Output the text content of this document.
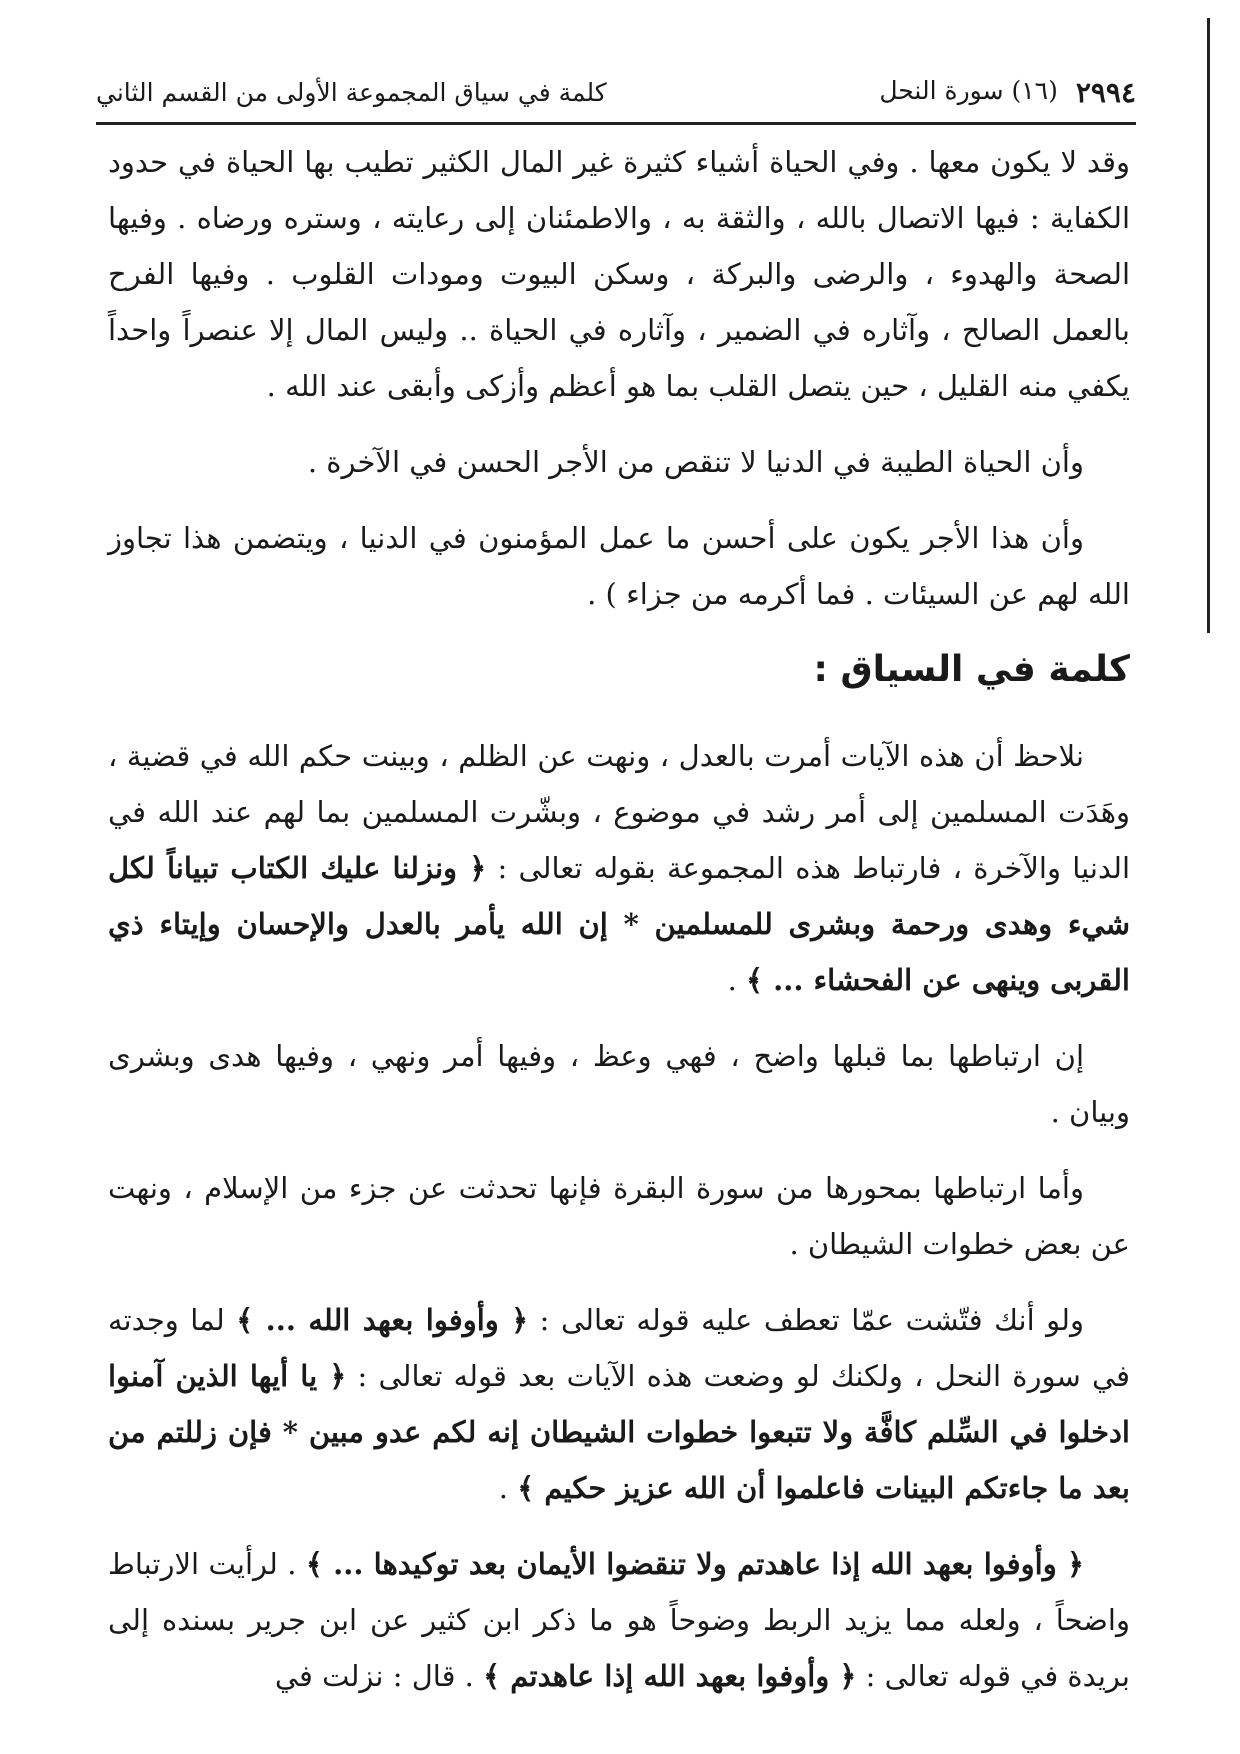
٢٩٩٤
(١٦) سورة النحل
كلمة في سياق المجموعة الأولى من القسم الثاني

وقد لا يكون معها . وفي الحياة أشياء كثيرة غير المال الكثير تطيب بها الحياة في حدود الكفاية : فيها الاتصال بالله ، والثقة به ، والاطمئنان إلى رعايته ، وستره ورضاه . وفيها الصحة والهدوء ، والرضى والبركة ، وسكن البيوت ومودات القلوب . وفيها الفرح بالعمل الصالح ، وآثاره في الضمير ، وآثاره في الحياة .. وليس المال إلا عنصراً واحداً يكفي منه القليل ، حين يتصل القلب بما هو أعظم وأزكى وأبقى عند الله .

وأن الحياة الطيبة في الدنيا لا تنقص من الأجر الحسن في الآخرة .

وأن هذا الأجر يكون على أحسن ما عمل المؤمنون في الدنيا ، ويتضمن هذا تجاوز الله لهم عن السيئات . فما أكرمه من جزاء ) .

كلمة في السياق :

نلاحظ أن هذه الآيات أمرت بالعدل ، ونهت عن الظلم ، وبينت حكم الله في قضية ، وهَدَت المسلمين إلى أمر رشد في موضوع ، وبشّرت المسلمين بما لهم عند الله في الدنيا والآخرة ، فارتباط هذه المجموعة بقوله تعالى : ﴿ ونزلنا عليك الكتاب تبياناً لكل شيء وهدى ورحمة وبشرى للمسلمين * إن الله يأمر بالعدل والإحسان وإيتاء ذي القربى وينهى عن الفحشاء ... ﴾ .

إن ارتباطها بما قبلها واضح ، فهي وعظ ، وفيها أمر ونهي ، وفيها هدى وبشرى وبيان .

وأما ارتباطها بمحورها من سورة البقرة فإنها تحدثت عن جزء من الإسلام ، ونهت عن بعض خطوات الشيطان .

ولو أنك فتّشت عمّا تعطف عليه قوله تعالى : ﴿ وأوفوا بعهد الله ... ﴾ لما وجدته في سورة النحل ، ولكنك لو وضعت هذه الآيات بعد قوله تعالى : ﴿ يا أيها الذين آمنوا ادخلوا في السِّلم كافَّة ولا تتبعوا خطوات الشيطان إنه لكم عدو مبين * فإن زللتم من بعد ما جاءتكم البينات فاعلموا أن الله عزيز حكيم ﴾ .

﴿ وأوفوا بعهد الله إذا عاهدتم ولا تنقضوا الأيمان بعد توكيدها ... ﴾ . لرأيت الارتباط واضحاً ، ولعله مما يزيد الربط وضوحاً هو ما ذكر ابن كثير عن ابن جرير بسنده إلى بريدة في قوله تعالى : ﴿ وأوفوا بعهد الله إذا عاهدتم ﴾ . قال : نزلت في
